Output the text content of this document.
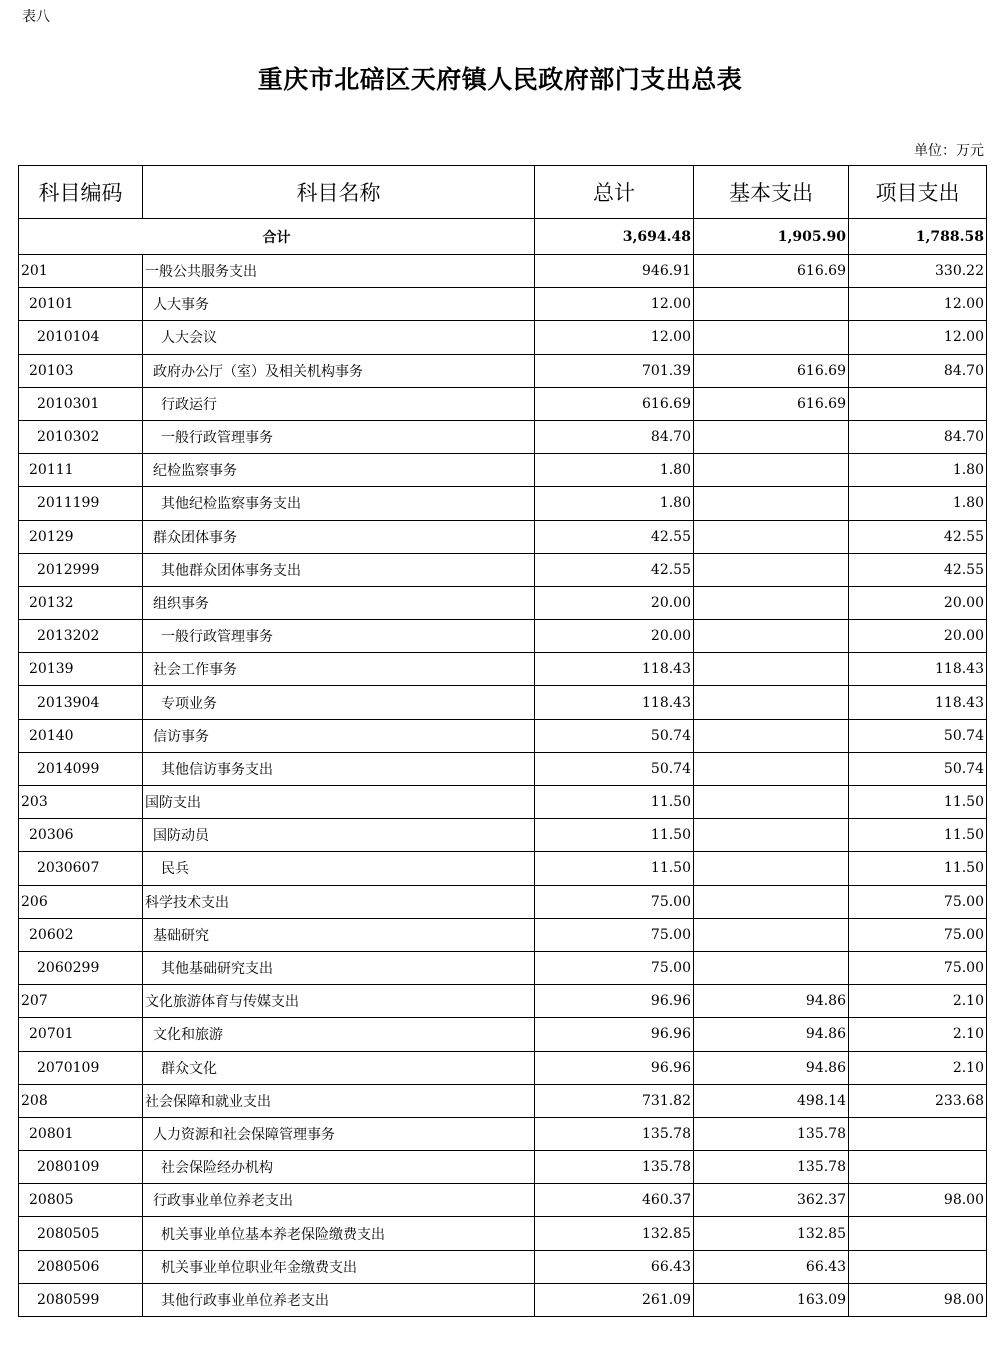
表八
重庆市北碚区天府镇人民政府部门支出总表
单位：万元
科目编码	科目名称	总计	基本支出	项目支出
合计		3,694.48	1,905.90	1,788.58
201	一般公共服务支出	946.91	616.69	330.22
20101	人大事务	12.00		12.00
2010104	人大会议	12.00		12.00
20103	政府办公厅（室）及相关机构事务	701.39	616.69	84.70
2010301	行政运行	616.69	616.69	
2010302	一般行政管理事务	84.70		84.70
20111	纪检监察事务	1.80		1.80
2011199	其他纪检监察事务支出	1.80		1.80
20129	群众团体事务	42.55		42.55
2012999	其他群众团体事务支出	42.55		42.55
20132	组织事务	20.00		20.00
2013202	一般行政管理事务	20.00		20.00
20139	社会工作事务	118.43		118.43
2013904	专项业务	118.43		118.43
20140	信访事务	50.74		50.74
2014099	其他信访事务支出	50.74		50.74
203	国防支出	11.50		11.50
20306	国防动员	11.50		11.50
2030607	民兵	11.50		11.50
206	科学技术支出	75.00		75.00
20602	基础研究	75.00		75.00
2060299	其他基础研究支出	75.00		75.00
207	文化旅游体育与传媒支出	96.96	94.86	2.10
20701	文化和旅游	96.96	94.86	2.10
2070109	群众文化	96.96	94.86	2.10
208	社会保障和就业支出	731.82	498.14	233.68
20801	人力资源和社会保障管理事务	135.78	135.78	
2080109	社会保险经办机构	135.78	135.78	
20805	行政事业单位养老支出	460.37	362.37	98.00
2080505	机关事业单位基本养老保险缴费支出	132.85	132.85	
2080506	机关事业单位职业年金缴费支出	66.43	66.43	
2080599	其他行政事业单位养老支出	261.09	163.09	98.00
